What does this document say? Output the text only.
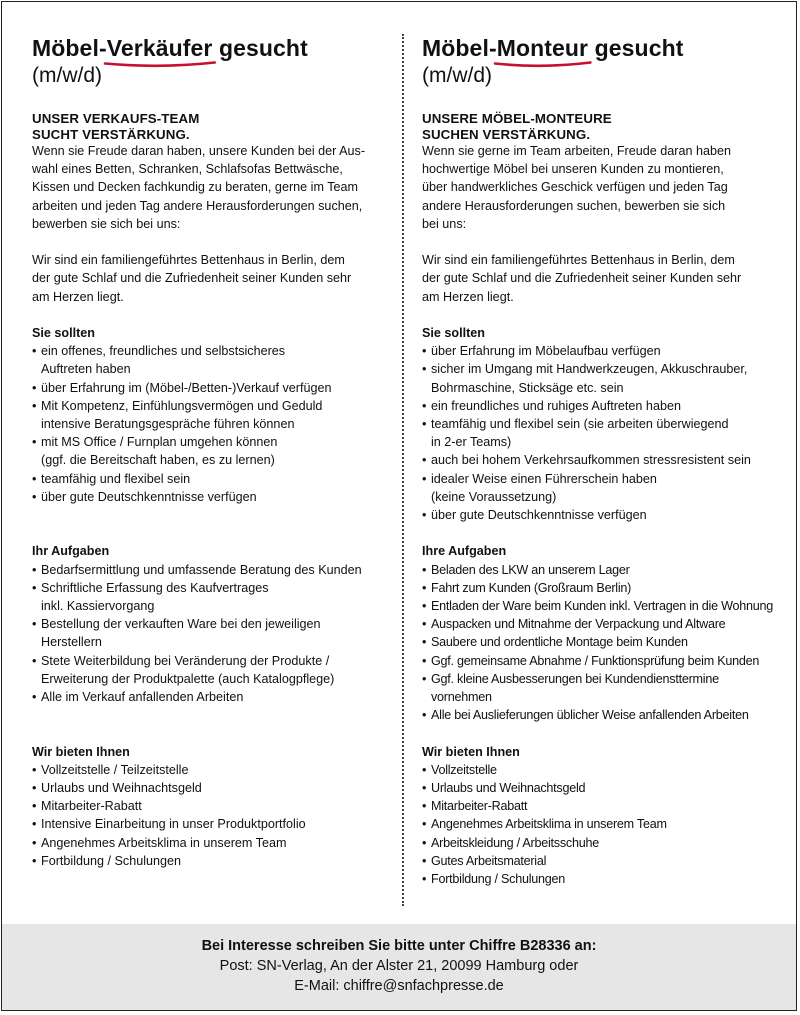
Möbel-Verkäufer
gesucht
(m/w/d)
UNSER VERKAUFS-TEAM
SUCHT VERSTÄRKUNG.
Wenn sie Freude daran haben, unsere Kunden bei der Aus-
wahl eines Betten, Schranken, Schlafsofas Bettwäsche,
Kissen und Decken fachkundig zu beraten, gerne im Team
arbeiten und jeden Tag andere Herausforderungen suchen,
bewerben sie sich bei uns:
Wir sind ein familiengeführtes Bettenhaus in Berlin, dem
der gute Schlaf und die Zufriedenheit seiner Kunden sehr
am Herzen liegt.
Sie sollten
• ein offenes, freundliches und selbstsicheres
Auftreten haben
• über Erfahrung im (Möbel-/Betten-)Verkauf verfügen
• Mit Kompetenz, Einfühlungsvermögen und Geduld
intensive Beratungsgespräche führen können
• mit MS Office / Furnplan umgehen können
(ggf. die Bereitschaft haben, es zu lernen)
• teamfähig und flexibel sein
• über gute Deutschkenntnisse verfügen
Ihr Aufgaben
• Bedarfsermittlung und umfassende Beratung des Kunden
• Schriftliche Erfassung des Kaufvertrages
inkl. Kassiervorgang
• Bestellung der verkauften Ware bei den jeweiligen
Herstellern
• Stete Weiterbildung bei Veränderung der Produkte /
Erweiterung der Produktpalette (auch Katalogpflege)
• Alle im Verkauf anfallenden Arbeiten
Wir bieten Ihnen
• Vollzeitstelle / Teilzeitstelle
• Urlaubs und Weihnachtsgeld
• Mitarbeiter-Rabatt
• Intensive Einarbeitung in unser Produktportfolio
• Angenehmes Arbeitsklima in unserem Team
• Fortbildung / Schulungen
Möbel-Monteur
gesucht
(m/w/d)
UNSERE MÖBEL-MONTEURE
SUCHEN VERSTÄRKUNG.
Wenn sie gerne im Team arbeiten, Freude daran haben
hochwertige Möbel bei unseren Kunden zu montieren,
über handwerkliches Geschick verfügen und jeden Tag
andere Herausforderungen suchen, bewerben sie sich
bei uns:
Wir sind ein familiengeführtes Bettenhaus in Berlin, dem
der gute Schlaf und die Zufriedenheit seiner Kunden sehr
am Herzen liegt.
Sie sollten
• über Erfahrung im Möbelaufbau verfügen
• sicher im Umgang mit Handwerkzeugen, Akkuschrauber,
Bohrmaschine, Sticksäge etc. sein
• ein freundliches und ruhiges Auftreten haben
• teamfähig und flexibel sein (sie arbeiten überwiegend
in 2-er Teams)
• auch bei hohem Verkehrsaufkommen stressresistent sein
• idealer Weise einen Führerschein haben
(keine Voraussetzung)
• über gute Deutschkenntnisse verfügen
Ihre Aufgaben
• Beladen des LKW an unserem Lager
• Fahrt zum Kunden (Großraum Berlin)
• Entladen der Ware beim Kunden inkl. Vertragen in die Wohnung
• Auspacken und Mitnahme der Verpackung und Altware
• Saubere und ordentliche Montage beim Kunden
• Ggf. gemeinsame Abnahme / Funktionsprüfung beim Kunden
• Ggf. kleine Ausbesserungen bei Kundendiensttermine
vornehmen
• Alle bei Auslieferungen üblicher Weise anfallenden Arbeiten
Wir bieten Ihnen
• Vollzeitstelle
• Urlaubs und Weihnachtsgeld
• Mitarbeiter-Rabatt
• Angenehmes Arbeitsklima in unserem Team
• Arbeitskleidung / Arbeitsschuhe
• Gutes Arbeitsmaterial
• Fortbildung / Schulungen
Bei Interesse schreiben Sie bitte unter Chiffre B28336 an:
Post: SN-Verlag, An der Alster 21, 20099 Hamburg oder
E-Mail: chiffre@snfachpresse.de
